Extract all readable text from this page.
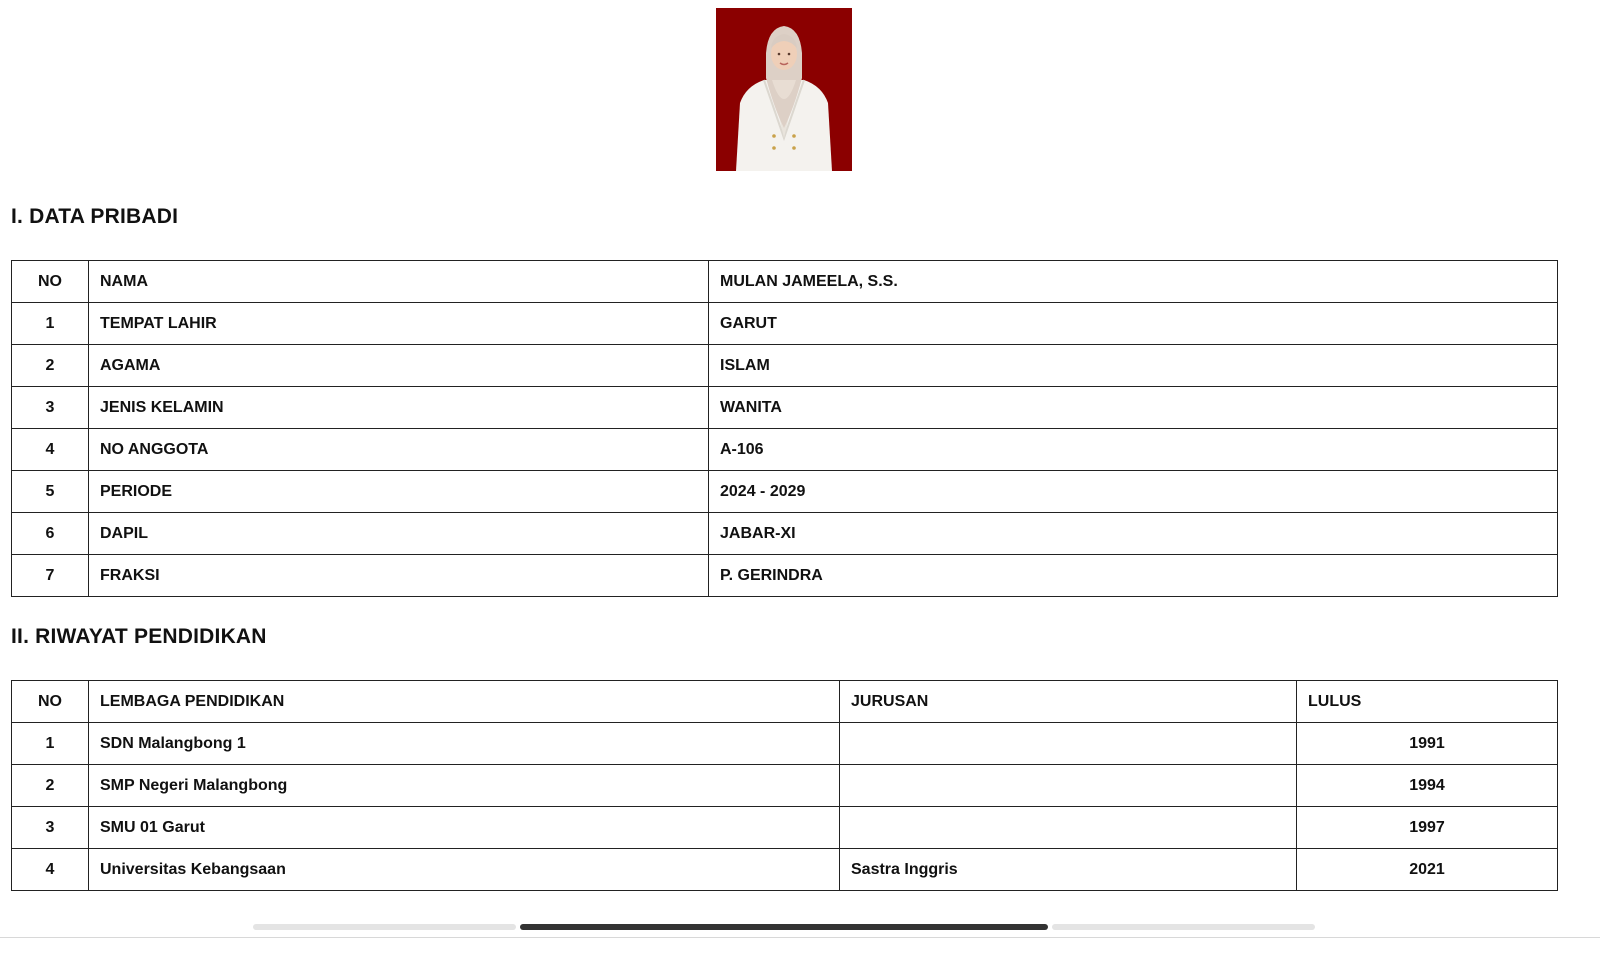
I. DATA PRIBADI
NO	NAMA	MULAN JAMEELA, S.S.
1	TEMPAT LAHIR	GARUT
2	AGAMA	ISLAM
3	JENIS KELAMIN	WANITA
4	NO ANGGOTA	A-106
5	PERIODE	2024 - 2029
6	DAPIL	JABAR-XI
7	FRAKSI	P. GERINDRA
II. RIWAYAT PENDIDIKAN
NO	LEMBAGA PENDIDIKAN	JURUSAN	LULUS
1	SDN Malangbong 1		1991
2	SMP Negeri Malangbong		1994
3	SMU 01 Garut		1997
4	Universitas Kebangsaan	Sastra Inggris	2021
